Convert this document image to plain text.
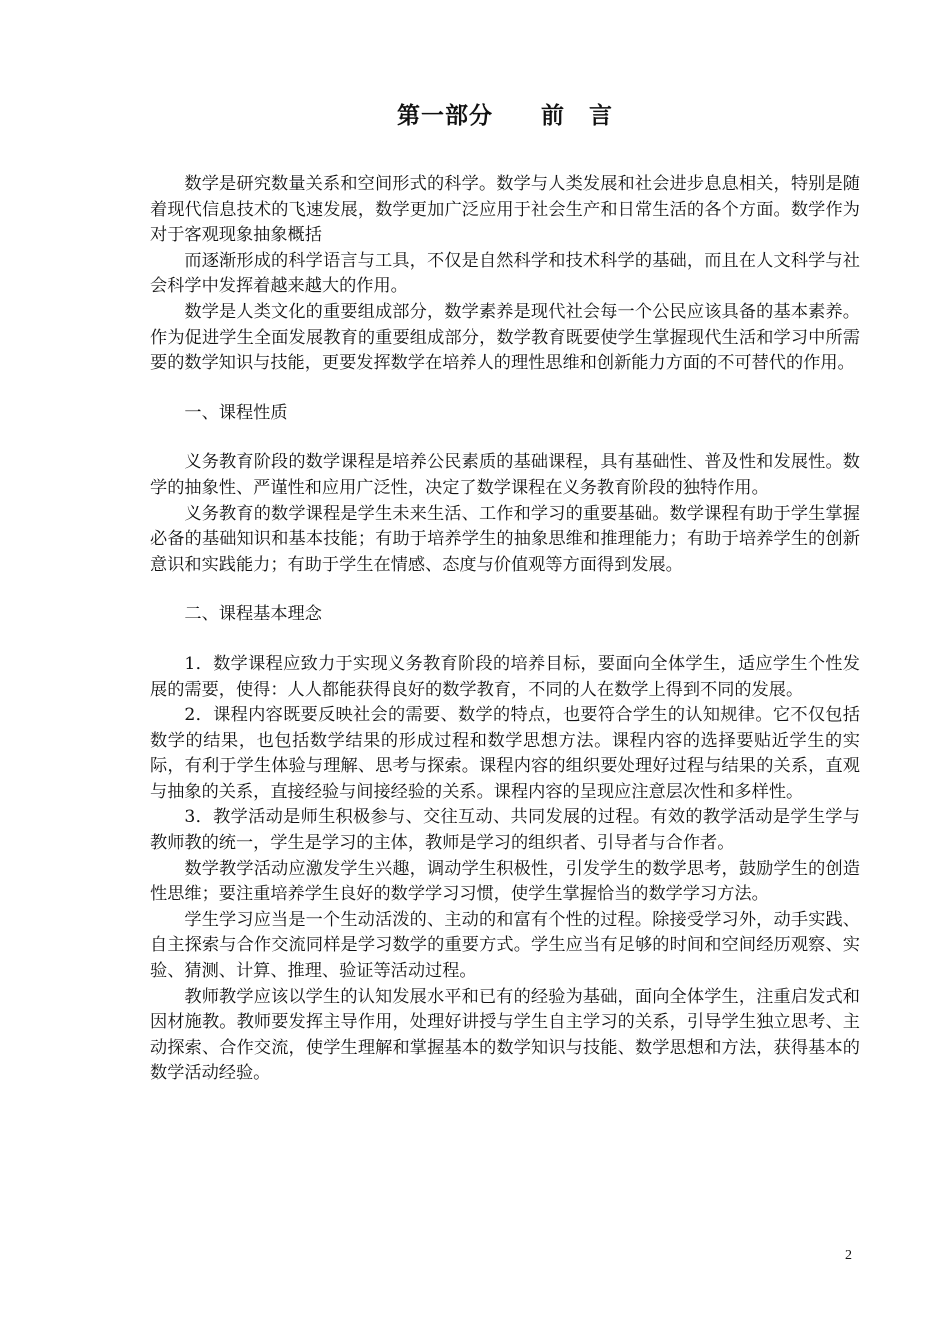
第一部分　　前　言

数学是研究数量关系和空间形式的科学。数学与人类发展和社会进步息息相关，特别是随着现代信息技术的飞速发展，数学更加广泛应用于社会生产和日常生活的各个方面。数学作为对于客观现象抽象概括

而逐渐形成的科学语言与工具，不仅是自然科学和技术科学的基础，而且在人文科学与社会科学中发挥着越来越大的作用。

数学是人类文化的重要组成部分，数学素养是现代社会每一个公民应该具备的基本素养。作为促进学生全面发展教育的重要组成部分，数学教育既要使学生掌握现代生活和学习中所需要的数学知识与技能，更要发挥数学在培养人的理性思维和创新能力方面的不可替代的作用。

一、课程性质

义务教育阶段的数学课程是培养公民素质的基础课程，具有基础性、普及性和发展性。数学的抽象性、严谨性和应用广泛性，决定了数学课程在义务教育阶段的独特作用。

义务教育的数学课程是学生未来生活、工作和学习的重要基础。数学课程有助于学生掌握必备的基础知识和基本技能；有助于培养学生的抽象思维和推理能力；有助于培养学生的创新意识和实践能力；有助于学生在情感、态度与价值观等方面得到发展。

二、课程基本理念

1．数学课程应致力于实现义务教育阶段的培养目标，要面向全体学生，适应学生个性发展的需要，使得：人人都能获得良好的数学教育，不同的人在数学上得到不同的发展。

2．课程内容既要反映社会的需要、数学的特点，也要符合学生的认知规律。它不仅包括数学的结果，也包括数学结果的形成过程和数学思想方法。课程内容的选择要贴近学生的实际，有利于学生体验与理解、思考与探索。课程内容的组织要处理好过程与结果的关系，直观与抽象的关系，直接经验与间接经验的关系。课程内容的呈现应注意层次性和多样性。

3．教学活动是师生积极参与、交往互动、共同发展的过程。有效的教学活动是学生学与教师教的统一，学生是学习的主体，教师是学习的组织者、引导者与合作者。

数学教学活动应激发学生兴趣，调动学生积极性，引发学生的数学思考，鼓励学生的创造性思维；要注重培养学生良好的数学学习习惯，使学生掌握恰当的数学学习方法。

学生学习应当是一个生动活泼的、主动的和富有个性的过程。除接受学习外，动手实践、自主探索与合作交流同样是学习数学的重要方式。学生应当有足够的时间和空间经历观察、实验、猜测、计算、推理、验证等活动过程。

教师教学应该以学生的认知发展水平和已有的经验为基础，面向全体学生，注重启发式和因材施教。教师要发挥主导作用，处理好讲授与学生自主学习的关系，引导学生独立思考、主动探索、合作交流，使学生理解和掌握基本的数学知识与技能、数学思想和方法，获得基本的数学活动经验。

2
